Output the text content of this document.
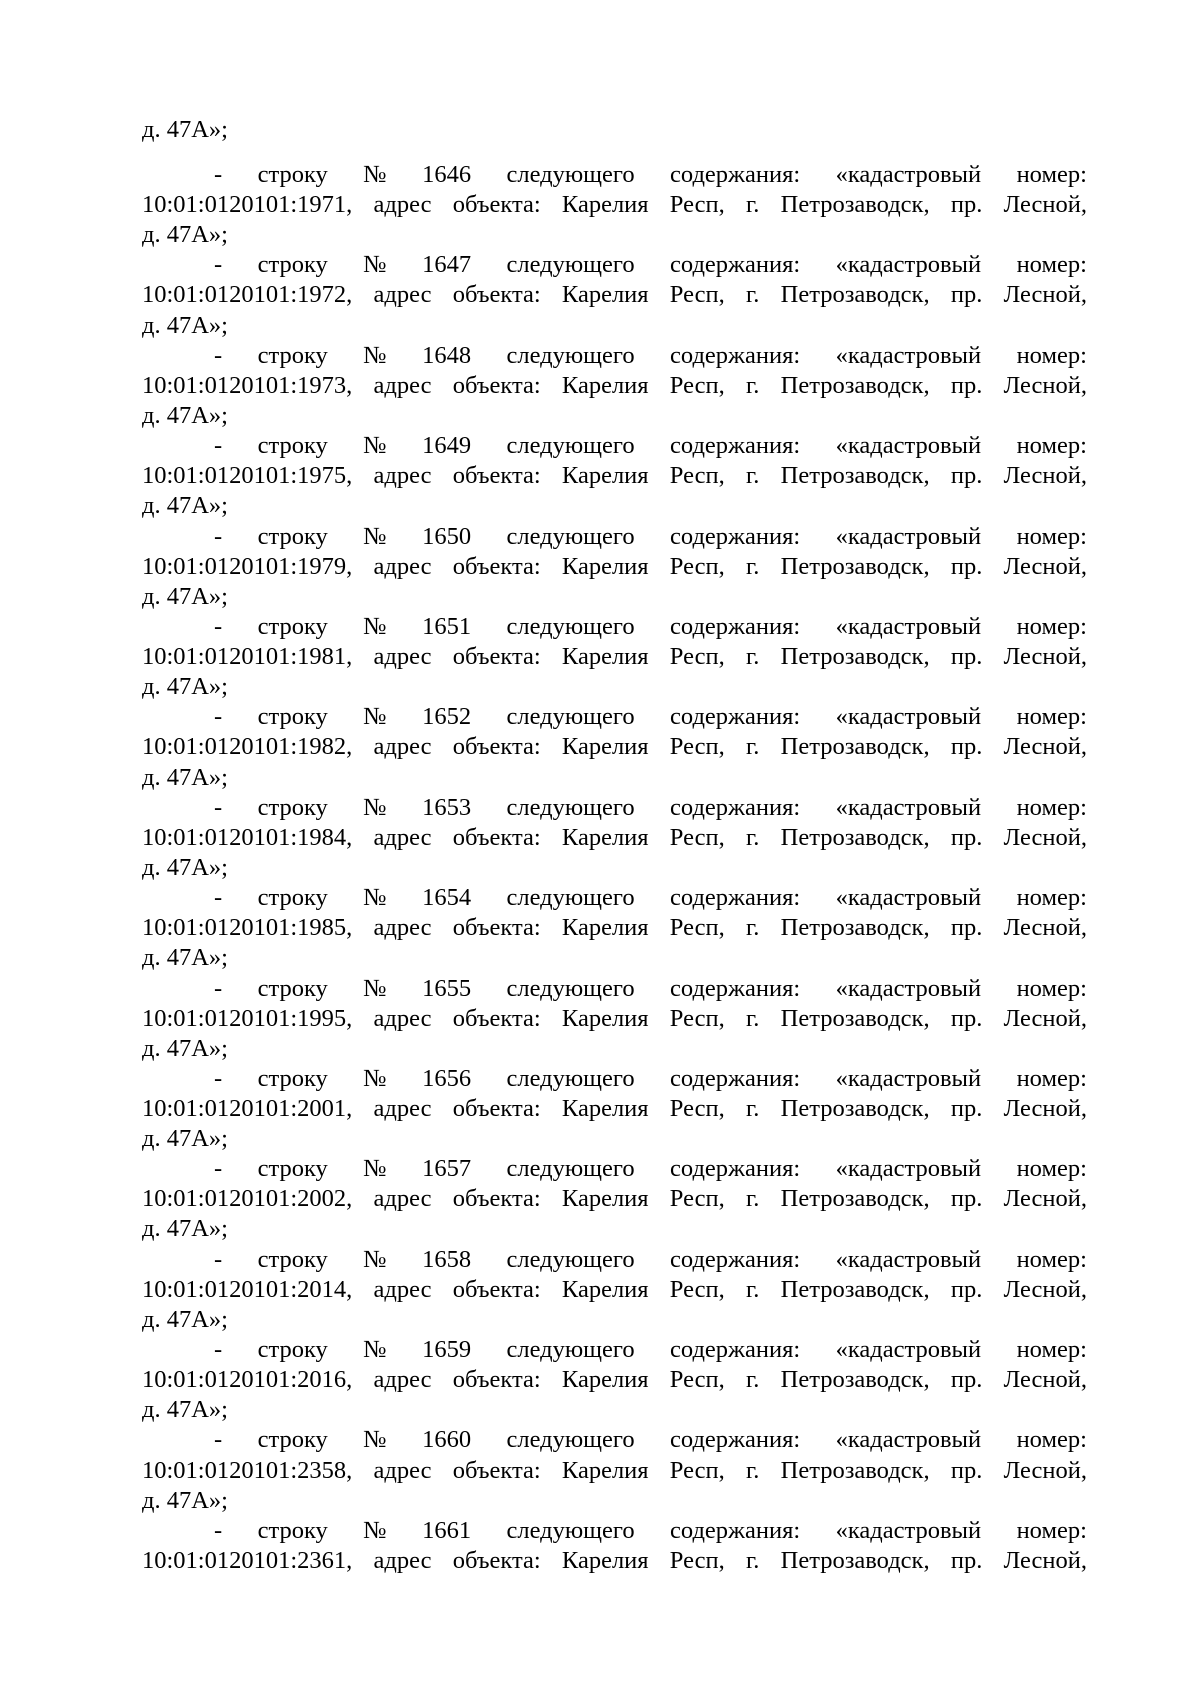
д. 47А»;
- строку № 1646 следующего содержания: «кадастровый номер:
10:01:0120101:1971, адрес объекта: Карелия Респ, г. Петрозаводск, пр. Лесной,
д. 47А»;
- строку № 1647 следующего содержания: «кадастровый номер:
10:01:0120101:1972, адрес объекта: Карелия Респ, г. Петрозаводск, пр. Лесной,
д. 47А»;
- строку № 1648 следующего содержания: «кадастровый номер:
10:01:0120101:1973, адрес объекта: Карелия Респ, г. Петрозаводск, пр. Лесной,
д. 47А»;
- строку № 1649 следующего содержания: «кадастровый номер:
10:01:0120101:1975, адрес объекта: Карелия Респ, г. Петрозаводск, пр. Лесной,
д. 47А»;
- строку № 1650 следующего содержания: «кадастровый номер:
10:01:0120101:1979, адрес объекта: Карелия Респ, г. Петрозаводск, пр. Лесной,
д. 47А»;
- строку № 1651 следующего содержания: «кадастровый номер:
10:01:0120101:1981, адрес объекта: Карелия Респ, г. Петрозаводск, пр. Лесной,
д. 47А»;
- строку № 1652 следующего содержания: «кадастровый номер:
10:01:0120101:1982, адрес объекта: Карелия Респ, г. Петрозаводск, пр. Лесной,
д. 47А»;
- строку № 1653 следующего содержания: «кадастровый номер:
10:01:0120101:1984, адрес объекта: Карелия Респ, г. Петрозаводск, пр. Лесной,
д. 47А»;
- строку № 1654 следующего содержания: «кадастровый номер:
10:01:0120101:1985, адрес объекта: Карелия Респ, г. Петрозаводск, пр. Лесной,
д. 47А»;
- строку № 1655 следующего содержания: «кадастровый номер:
10:01:0120101:1995, адрес объекта: Карелия Респ, г. Петрозаводск, пр. Лесной,
д. 47А»;
- строку № 1656 следующего содержания: «кадастровый номер:
10:01:0120101:2001, адрес объекта: Карелия Респ, г. Петрозаводск, пр. Лесной,
д. 47А»;
- строку № 1657 следующего содержания: «кадастровый номер:
10:01:0120101:2002, адрес объекта: Карелия Респ, г. Петрозаводск, пр. Лесной,
д. 47А»;
- строку № 1658 следующего содержания: «кадастровый номер:
10:01:0120101:2014, адрес объекта: Карелия Респ, г. Петрозаводск, пр. Лесной,
д. 47А»;
- строку № 1659 следующего содержания: «кадастровый номер:
10:01:0120101:2016, адрес объекта: Карелия Респ, г. Петрозаводск, пр. Лесной,
д. 47А»;
- строку № 1660 следующего содержания: «кадастровый номер:
10:01:0120101:2358, адрес объекта: Карелия Респ, г. Петрозаводск, пр. Лесной,
д. 47А»;
- строку № 1661 следующего содержания: «кадастровый номер:
10:01:0120101:2361, адрес объекта: Карелия Респ, г. Петрозаводск, пр. Лесной,
